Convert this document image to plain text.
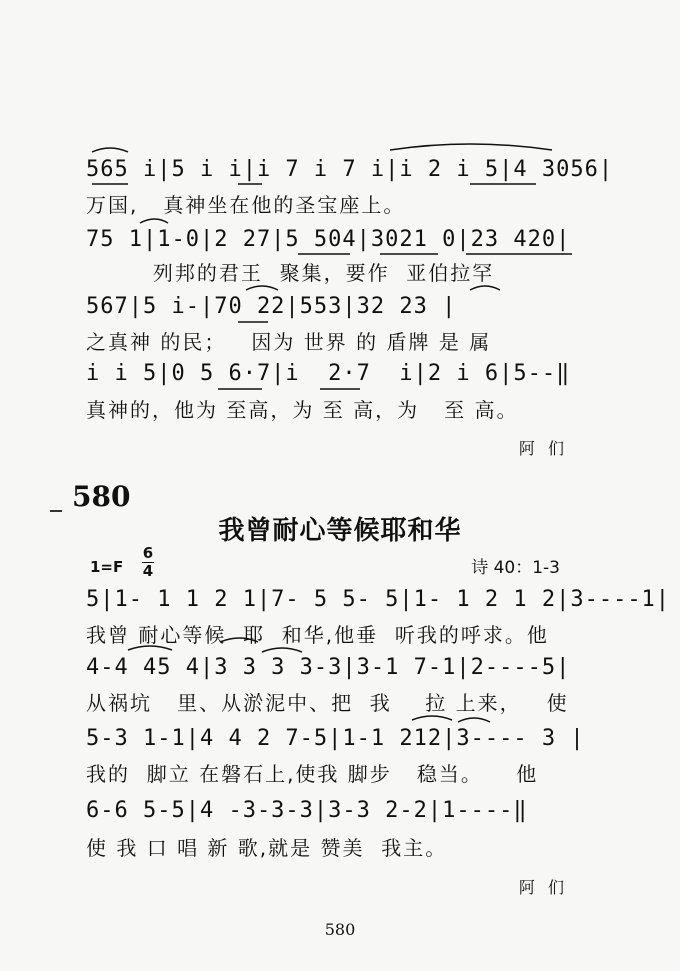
565 i|5 i i|i 7 i 7 i|i 2 i 5|4 3056|
万国,   真神坐在他的圣宝座上。
75 1|1-0|2 27|5 504|3021 0|23 420|
列邦的君王  聚集，要作  亚伯拉罕
567|5 i-|70 22|553|32 23 |
之真神 的民；   因为 世界 的 盾牌 是 属
i i 5|0 5 6·7|i  2·7  i|2 i 6|5--‖
真神的，他为 至高，为 至 高，为   至 高。
阿 们
580
我曾耐心等候耶和华
1=F
6
4	诗 40：1-3
5|1- 1 1 2 1|7- 5 5- 5|1- 1 2 1 2|3----1|
我曾 耐心等候  耶  和华,他垂  听我的呼求。他
4-4 45 4|3 3 3 3-3|3-1 7-1|2----5|
从祸坑   里、从淤泥中、把  我    拉 上来，   使
5-3 1-1|4 4 2 7-5|1-1 212|3---- 3 |
我的  脚立 在磐石上,使我 脚步   稳当。    他
6-6 5-5|4 -3-3-3|3-3 2-2|1----‖
使 我 口 唱 新 歌,就是 赞美  我主。
阿 们
580
